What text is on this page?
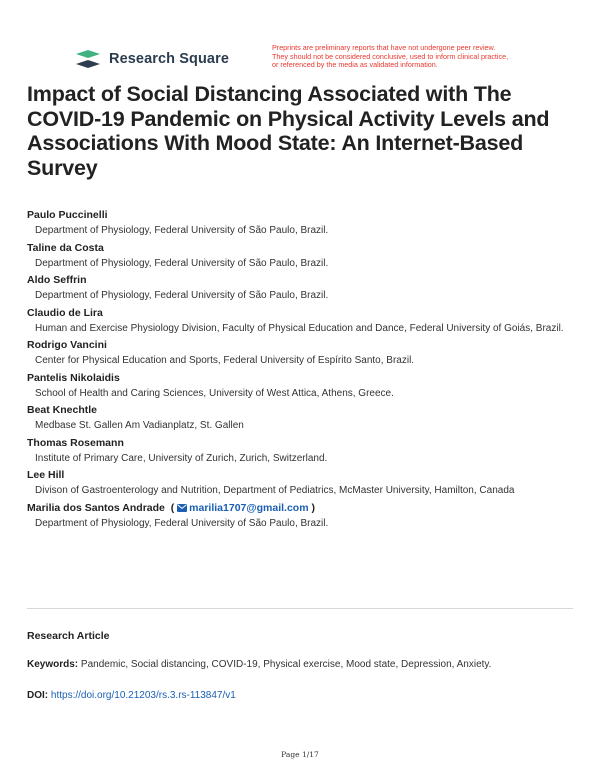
Research Square
Preprints are preliminary reports that have not undergone peer review.
They should not be considered conclusive, used to inform clinical practice,
or referenced by the media as validated information.
Impact of Social Distancing Associated with The COVID-19 Pandemic on Physical Activity Levels and Associations With Mood State: An Internet-Based Survey
Paulo Puccinelli
Department of Physiology, Federal University of São Paulo, Brazil.
Taline da Costa
Department of Physiology, Federal University of São Paulo, Brazil.
Aldo Seffrin
Department of Physiology, Federal University of São Paulo, Brazil.
Claudio de Lira
Human and Exercise Physiology Division, Faculty of Physical Education and Dance, Federal University of Goiás, Brazil.
Rodrigo Vancini
Center for Physical Education and Sports, Federal University of Espírito Santo, Brazil.
Pantelis Nikolaidis
School of Health and Caring Sciences, University of West Attica, Athens, Greece.
Beat Knechtle
Medbase St. Gallen Am Vadianplatz, St. Gallen
Thomas Rosemann
Institute of Primary Care, University of Zurich, Zurich, Switzerland.
Lee Hill
Divison of Gastroenterology and Nutrition, Department of Pediatrics, McMaster University, Hamilton, Canada
Marilia dos Santos Andrade  ( marilia1707@gmail.com )
Department of Physiology, Federal University of São Paulo, Brazil.
Research Article
Keywords: Pandemic, Social distancing, COVID-19, Physical exercise, Mood state, Depression, Anxiety.
DOI: https://doi.org/10.21203/rs.3.rs-113847/v1
Page 1/17
